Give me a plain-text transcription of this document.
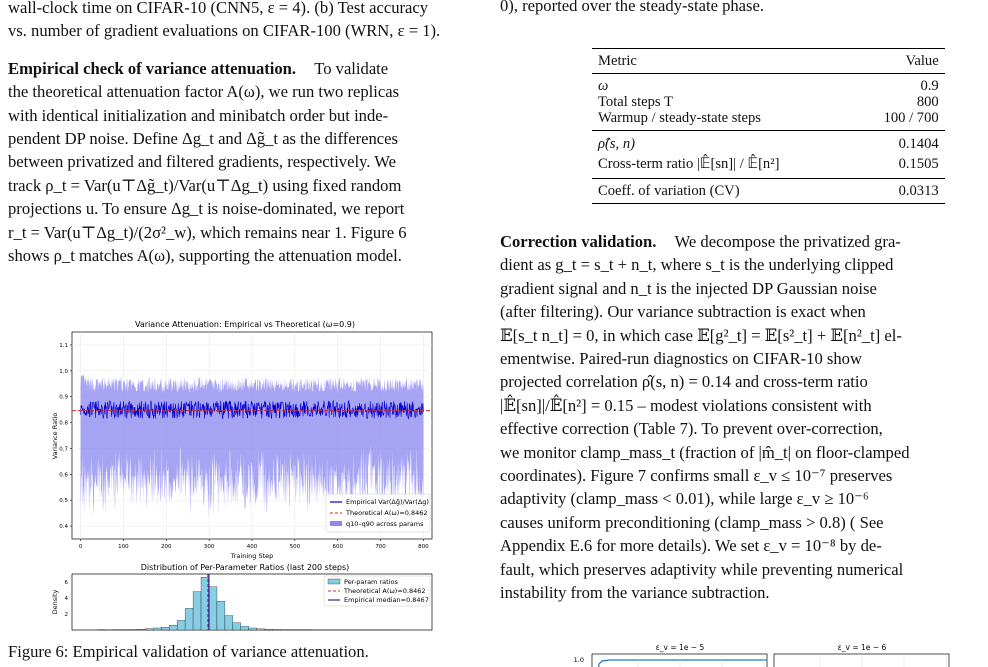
wall-clock time on CIFAR-10 (CNN5, ε = 4). (b) Test accuracy
vs. number of gradient evaluations on CIFAR-100 (WRN, ε = 1).
Empirical check of variance attenuation. To validate
the theoretical attenuation factor A(ω), we run two replicas
with identical initialization and minibatch order but inde-
pendent DP noise. Define Δg_t and Δg̃_t as the differences
between privatized and filtered gradients, respectively. We
track ρ_t = Var(u⊤Δg̃_t)/Var(u⊤Δg_t) using fixed random
projections u. To ensure Δg_t is noise-dominated, we report
r_t = Var(u⊤Δg_t)/(2σ²_w), which remains near 1. Figure 6
shows ρ_t matches A(ω), supporting the attenuation model.
Variance Attenuation: Empirical vs Theoretical (ω=0.9)
0.4
0.5
0.6
0.7
0.8
0.9
1.0
1.1
0	100	200	300	400	500	600	700	800
Training Step
Variance Ratio
Empirical Var(Δg̃)/Var(Δg)
Theoretical A(ω)=0.8462
q10–q90 across params
Distribution of Per-Parameter Ratios (last 200 steps)
2
4
6
Density
Per-param ratios
Theoretical A(ω)=0.8462
Empirical median=0.8467
Figure 6: Empirical validation of variance attenuation.
0), reported over the steady-state phase.
Metric	Value
ω	0.9
Total steps T	800
Warmup / steady-state steps	100 / 700
ρ̂(s, n)	0.1404
Cross-term ratio |𝔼̂[sn]| / 𝔼̂[n²]	0.1505
Coeff. of variation (CV)	0.0313
Correction validation. We decompose the privatized gra-
dient as g_t = s_t + n_t, where s_t is the underlying clipped
gradient signal and n_t is the injected DP Gaussian noise
(after filtering). Our variance subtraction is exact when
𝔼[s_t n_t] = 0, in which case 𝔼[g²_t] = 𝔼[s²_t] + 𝔼[n²_t] el-
ementwise. Paired-run diagnostics on CIFAR-10 show
projected correlation ρ̂(s, n) = 0.14 and cross-term ratio
|𝔼̂[sn]|/𝔼̂[n²] = 0.15 – modest violations consistent with
effective correction (Table 7). To prevent over-correction,
we monitor clamp_mass_t (fraction of |m̂_t| on floor-clamped
coordinates). Figure 7 confirms small ε_v ≤ 10⁻⁷ preserves
adaptivity (clamp_mass < 0.01), while large ε_v ≥ 10⁻⁶
causes uniform preconditioning (clamp_mass > 0.8) ( See
Appendix E.6 for more details). We set ε_v = 10⁻⁸ by de-
fault, which preserves adaptivity while preventing numerical
instability from the variance subtraction.
ε_v = 1e − 5	ε_v = 1e − 6
1.0
